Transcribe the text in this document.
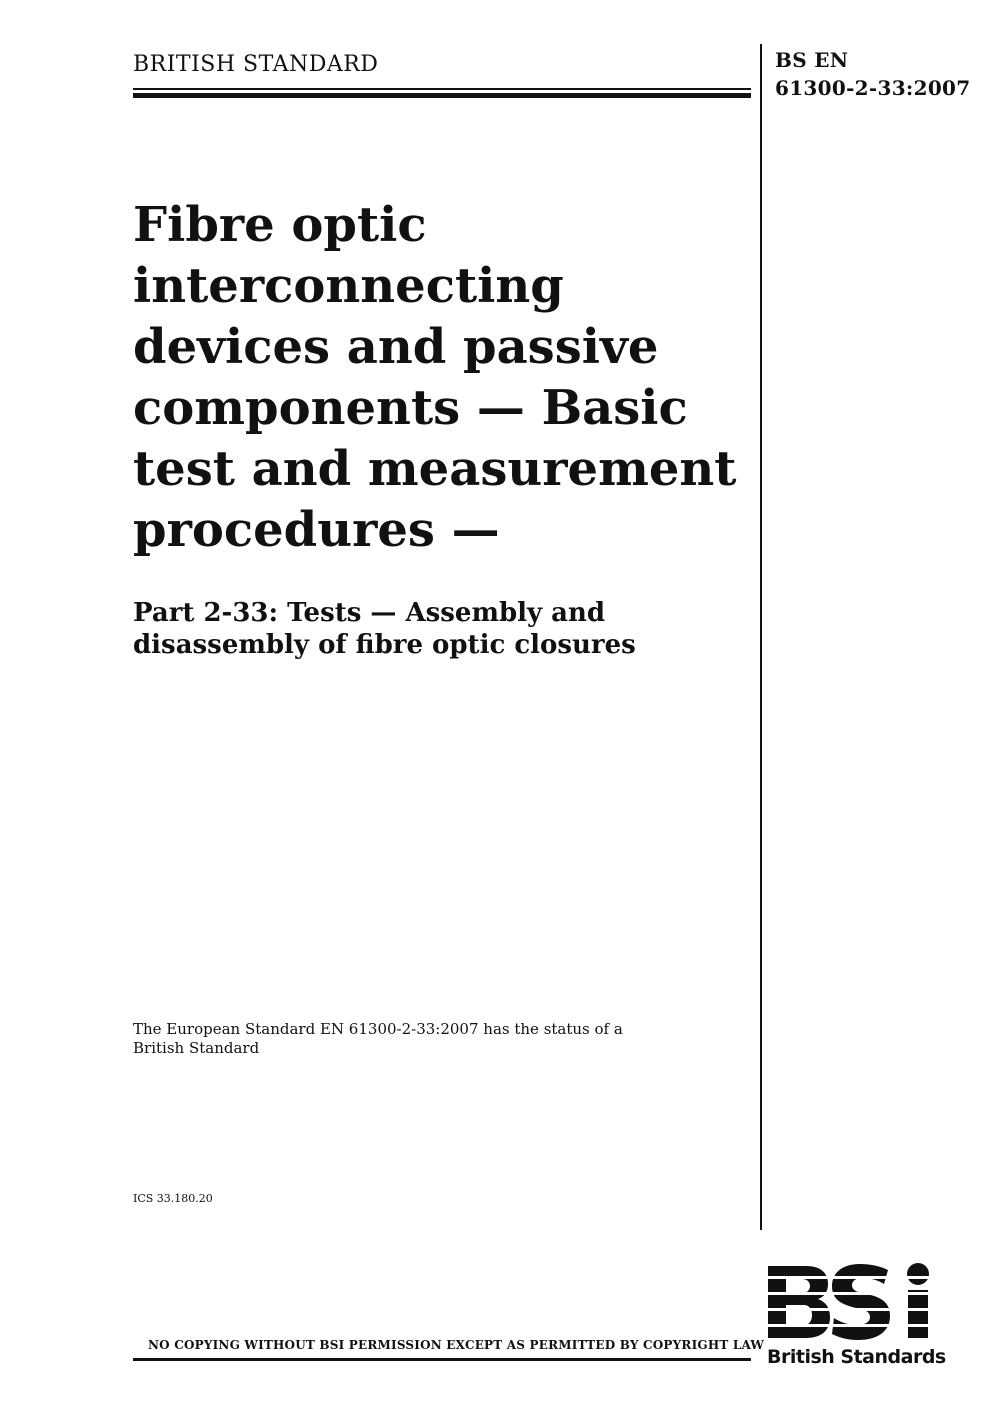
BRITISH STANDARD	BS EN
61300-2-33:2007
Fibre optic
interconnecting
devices and passive
components — Basic
test and measurement
procedures —
Part 2-33: Tests — Assembly and
disassembly of fibre optic closures
The European Standard EN 61300-2-33:2007 has the status of a
British Standard
ICS 33.180.20
NO COPYING WITHOUT BSI PERMISSION EXCEPT AS PERMITTED BY COPYRIGHT LAW
British Standards
